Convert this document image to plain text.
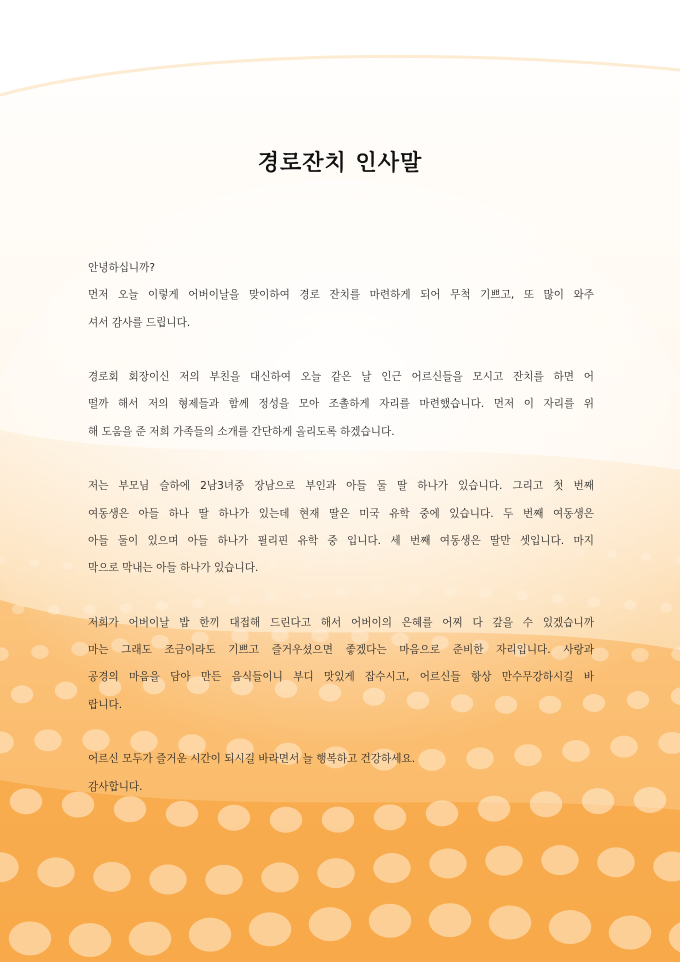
경로잔치 인사말
안녕하십니까?
먼저 오늘 이렇게 어버이날을 맞이하여 경로 잔치를 마련하게 되어 무척 기쁘고, 또 많이 와주
셔서 감사를 드립니다.
경로회 회장이신 저의 부친을 대신하여 오늘 같은 날 인근 어르신들을 모시고 잔치를 하면 어
떨까 해서 저의 형제들과 함께 정성을 모아 조촐하게 자리를 마련했습니다. 먼저 이 자리를 위
해 도움을 준 저희 가족들의 소개를 간단하게 올리도록 하겠습니다.
저는 부모님 슬하에 2남3녀중 장남으로 부인과 아들 둘 딸 하나가 있습니다. 그리고 첫 번째
여동생은 아들 하나 딸 하나가 있는데 현재 딸은 미국 유학 중에 있습니다. 두 번째 여동생은
아들 둘이 있으며 아들 하나가 필리핀 유학 중 입니다. 세 번째 여동생은 딸만 셋입니다. 마지
막으로 막내는 아들 하나가 있습니다.
저희가 어버이날 밥 한끼 대접해 드린다고 해서 어버이의 은혜를 어찌 다 갚을 수 있겠습니까
마는 그래도 조금이라도 기쁘고 즐거우셨으면 좋겠다는 마음으로 준비한 자리입니다. 사랑과
공경의 마음을 담아 만든 음식들이니 부디 맛있게 잡수시고, 어르신들 항상 만수무강하시길 바
랍니다.
어르신 모두가 즐거운 시간이 되시길 바라면서 늘 행복하고 건강하세요.
감사합니다.
